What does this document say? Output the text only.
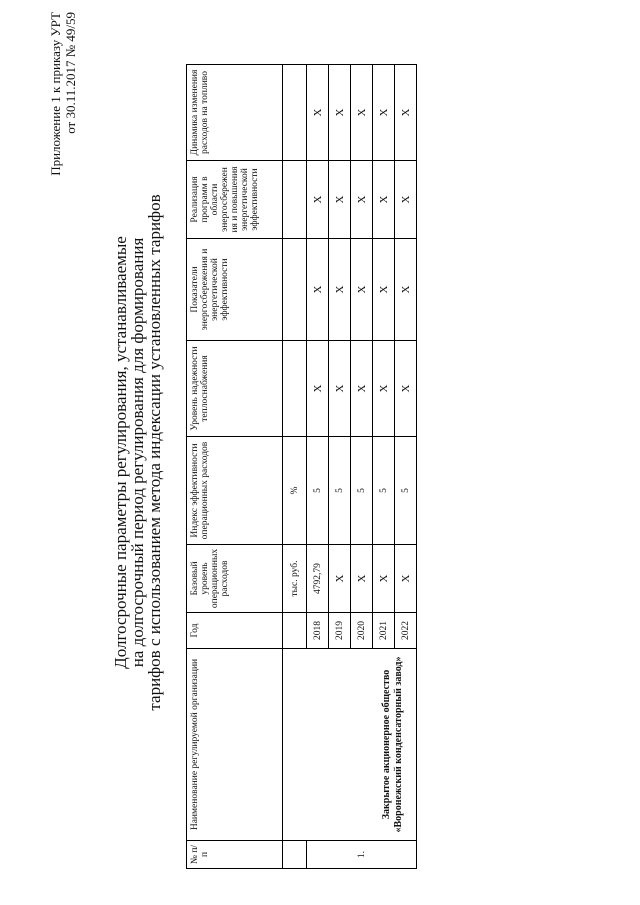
Приложение 1 к приказу УРТ от 30.11.2017 № 49/59
Долгосрочные параметры регулирования, устанавливаемые
на долгосрочный период регулирования для формирования
тарифов с использованием метода индексации установленных тарифов
№ п/п	Наименование регулируемой организации	Год	Базовый уровень операционных расходов	Индекс эффективности операционных расходов	Уровень надежности теплоснабжения	Показатели энергосбережения и энергетической эффективности	Реализация программ в области энергосбережен ия и повышения энергетической эффективности	Динамика изменения расходов на топливо

	Закрытое акционерное общество «Воронежский конденсаторный завод»		тыс. руб.	%				
1.		2018	4792,79	5	X	X	X	X
		2019	X	5	X	X	X	X
		2020	X	5	X	X	X	X
		2021	X	5	X	X	X	X
		2022	X	5	X	X	X	X
